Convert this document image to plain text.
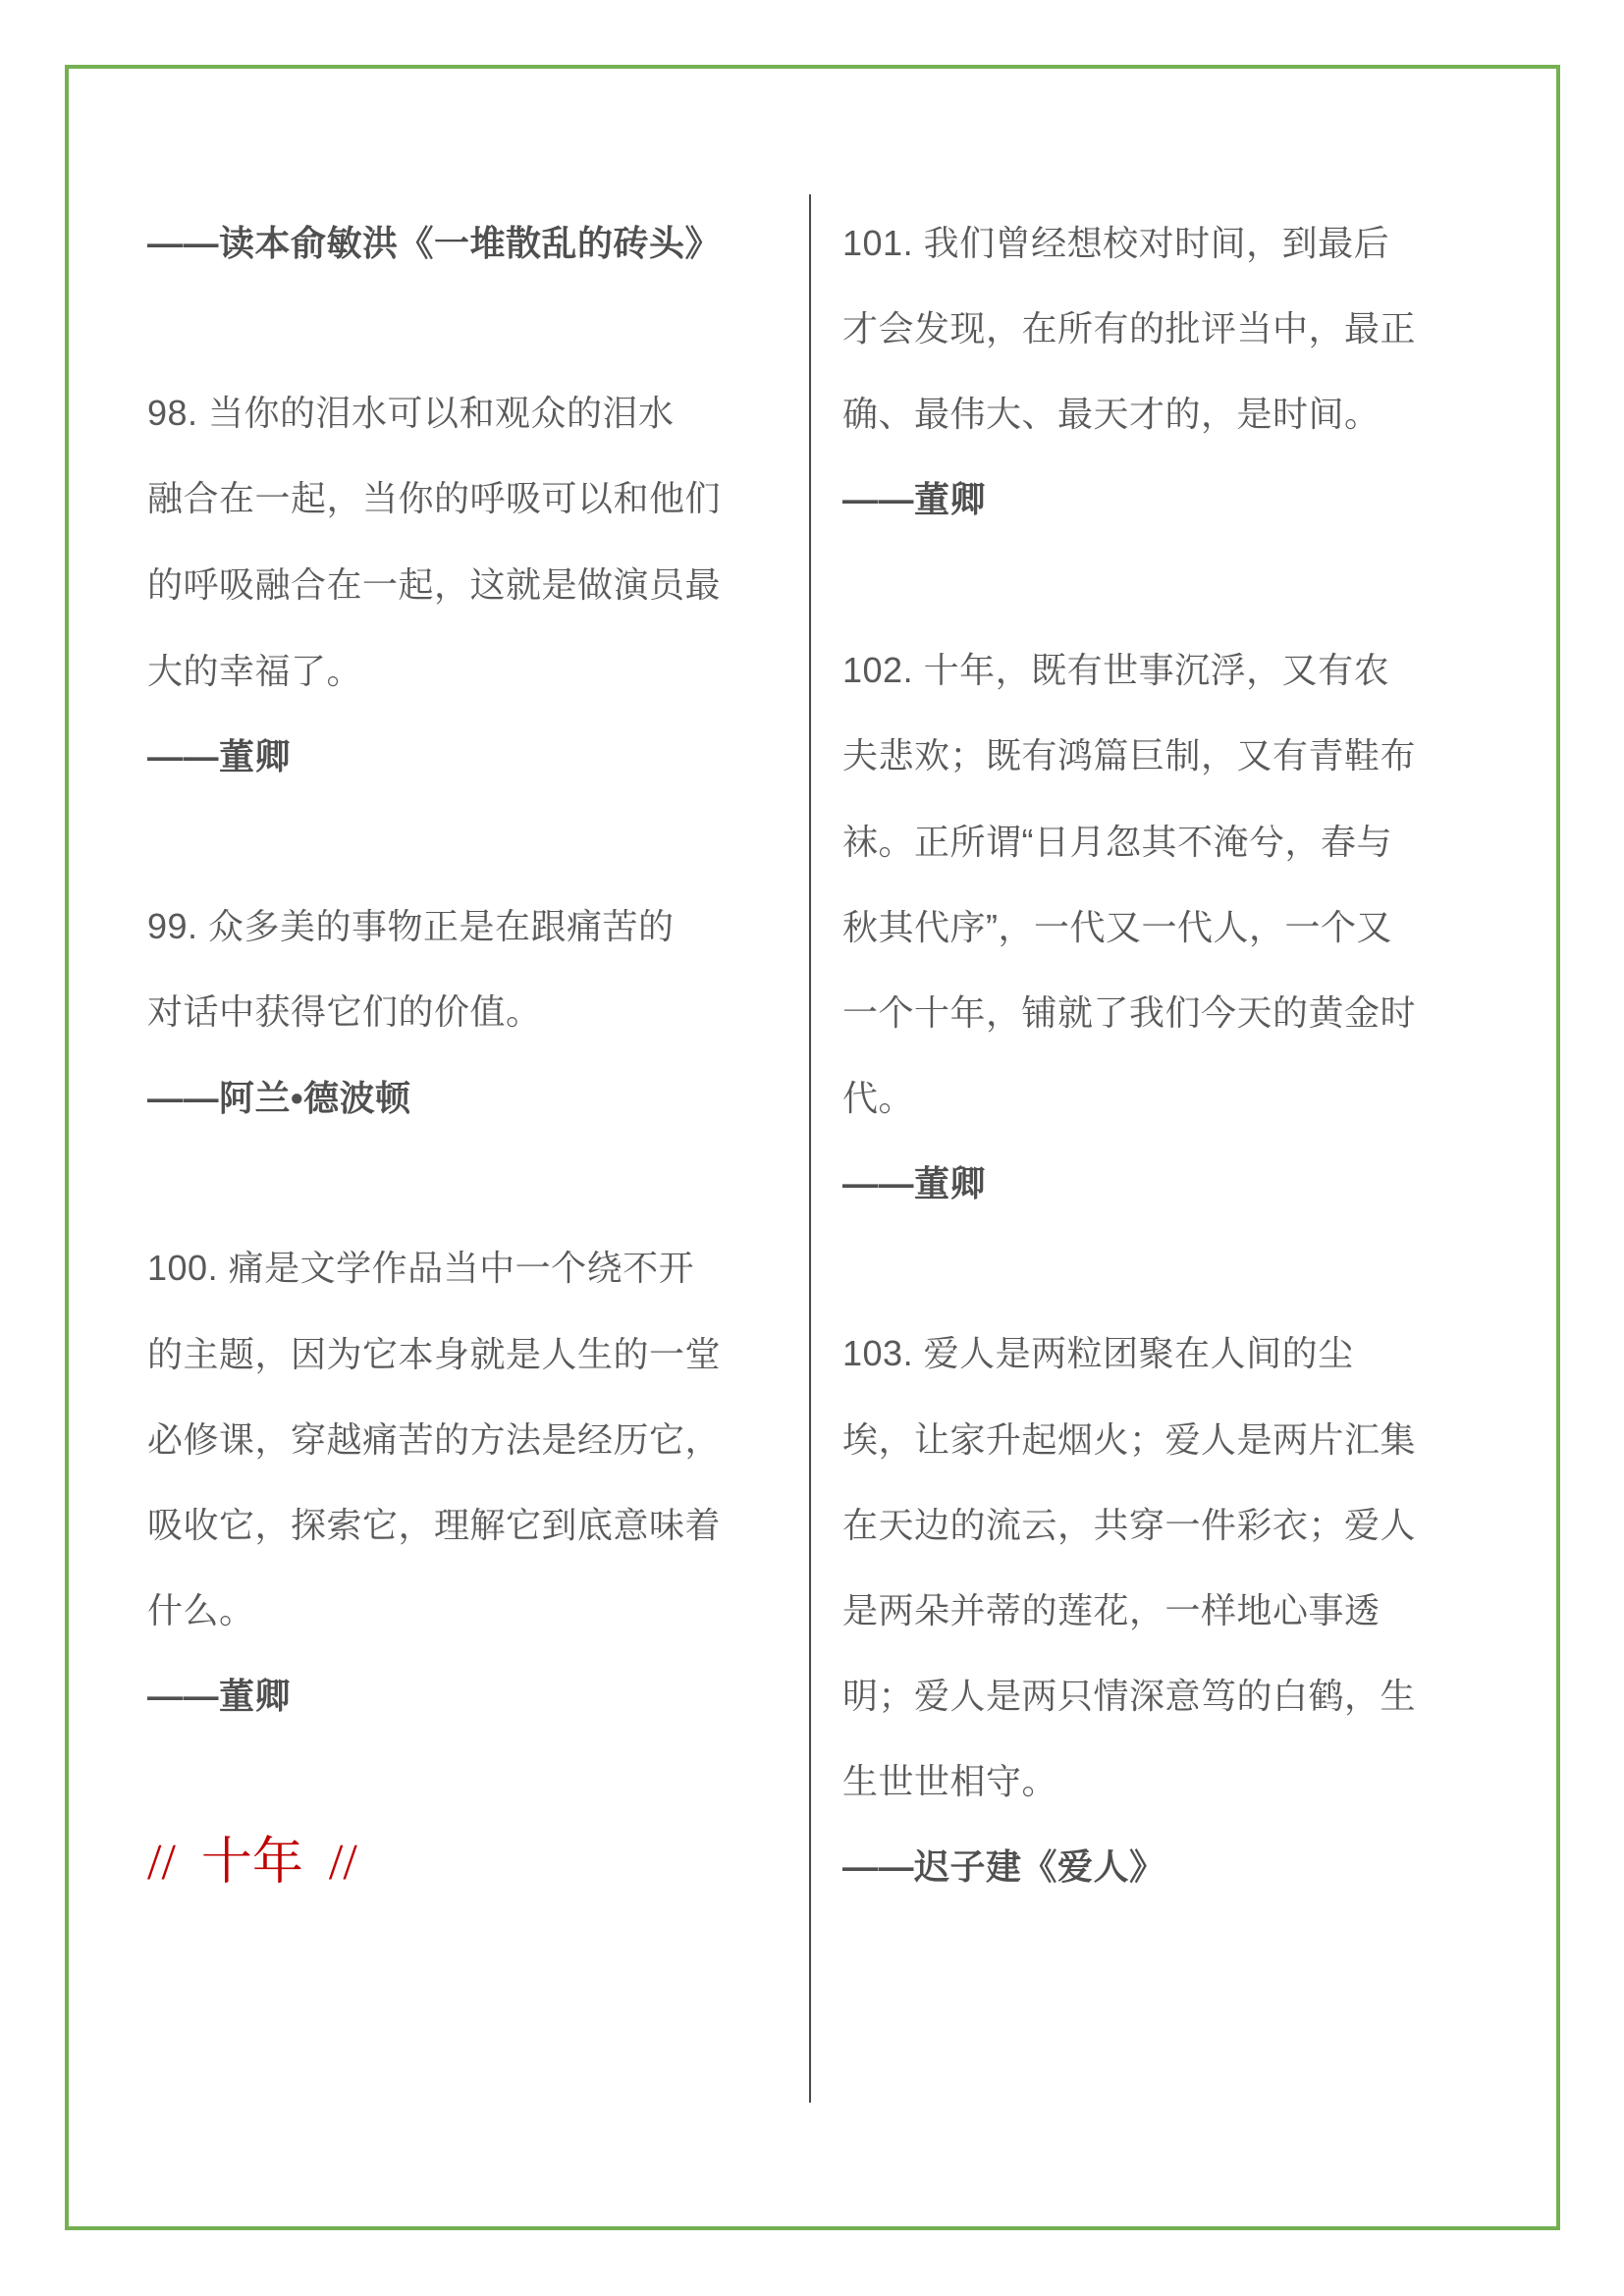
——读本俞敏洪《一堆散乱的砖头》
98. 当你的泪水可以和观众的泪水
融合在一起，当你的呼吸可以和他们
的呼吸融合在一起，这就是做演员最
大的幸福了。
——董卿
99. 众多美的事物正是在跟痛苦的
对话中获得它们的价值。
——阿兰•德波顿
100. 痛是文学作品当中一个绕不开
的主题，因为它本身就是人生的一堂
必修课，穿越痛苦的方法是经历它，
吸收它，探索它，理解它到底意味着
什么。
——董卿
//  十年  //
101. 我们曾经想校对时间，到最后
才会发现，在所有的批评当中，最正
确、最伟大、最天才的，是时间。
——董卿
102. 十年，既有世事沉浮，又有农
夫悲欢；既有鸿篇巨制，又有青鞋布
袜。正所谓“日月忽其不淹兮，春与
秋其代序”，一代又一代人，一个又
一个十年，铺就了我们今天的黄金时
代。
——董卿
103. 爱人是两粒团聚在人间的尘
埃，让家升起烟火；爱人是两片汇集
在天边的流云，共穿一件彩衣；爱人
是两朵并蒂的莲花，一样地心事透
明；爱人是两只情深意笃的白鹤，生
生世世相守。
——迟子建《爱人》
